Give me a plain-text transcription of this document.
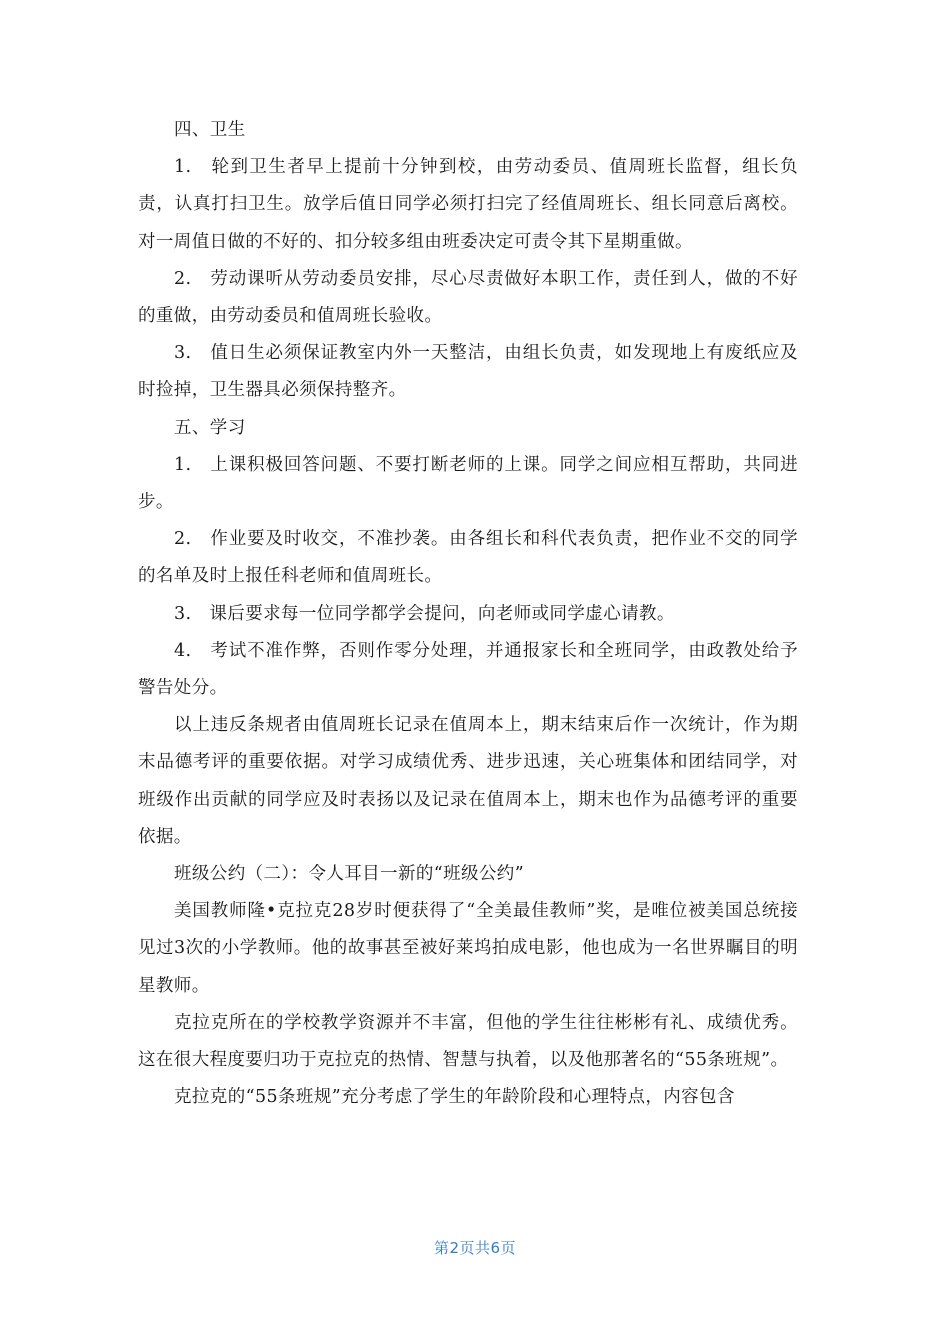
四、卫生

1.　轮到卫生者早上提前十分钟到校，由劳动委员、值周班长监督，组长负责，认真打扫卫生。放学后值日同学必须打扫完了经值周班长、组长同意后离校。对一周值日做的不好的、扣分较多组由班委决定可责令其下星期重做。

2.　劳动课听从劳动委员安排，尽心尽责做好本职工作，责任到人，做的不好的重做，由劳动委员和值周班长验收。

3.　值日生必须保证教室内外一天整洁，由组长负责，如发现地上有废纸应及时捡掉，卫生器具必须保持整齐。

五、学习

1.　上课积极回答问题、不要打断老师的上课。同学之间应相互帮助，共同进步。

2.　作业要及时收交，不准抄袭。由各组长和科代表负责，把作业不交的同学的名单及时上报任科老师和值周班长。

3.　课后要求每一位同学都学会提问，向老师或同学虚心请教。

4.　考试不准作弊，否则作零分处理，并通报家长和全班同学，由政教处给予警告处分。

以上违反条规者由值周班长记录在值周本上，期末结束后作一次统计，作为期末品德考评的重要依据。对学习成绩优秀、进步迅速，关心班集体和团结同学，对班级作出贡献的同学应及时表扬以及记录在值周本上，期末也作为品德考评的重要依据。

班级公约（二）：令人耳目一新的“班级公约”

美国教师隆•克拉克28岁时便获得了“全美最佳教师”奖，是唯位被美国总统接见过3次的小学教师。他的故事甚至被好莱坞拍成电影，他也成为一名世界瞩目的明星教师。

克拉克所在的学校教学资源并不丰富，但他的学生往往彬彬有礼、成绩优秀。这在很大程度要归功于克拉克的热情、智慧与执着，以及他那著名的“55条班规”。

克拉克的“55条班规”充分考虑了学生的年龄阶段和心理特点，内容包含

第2页共6页
